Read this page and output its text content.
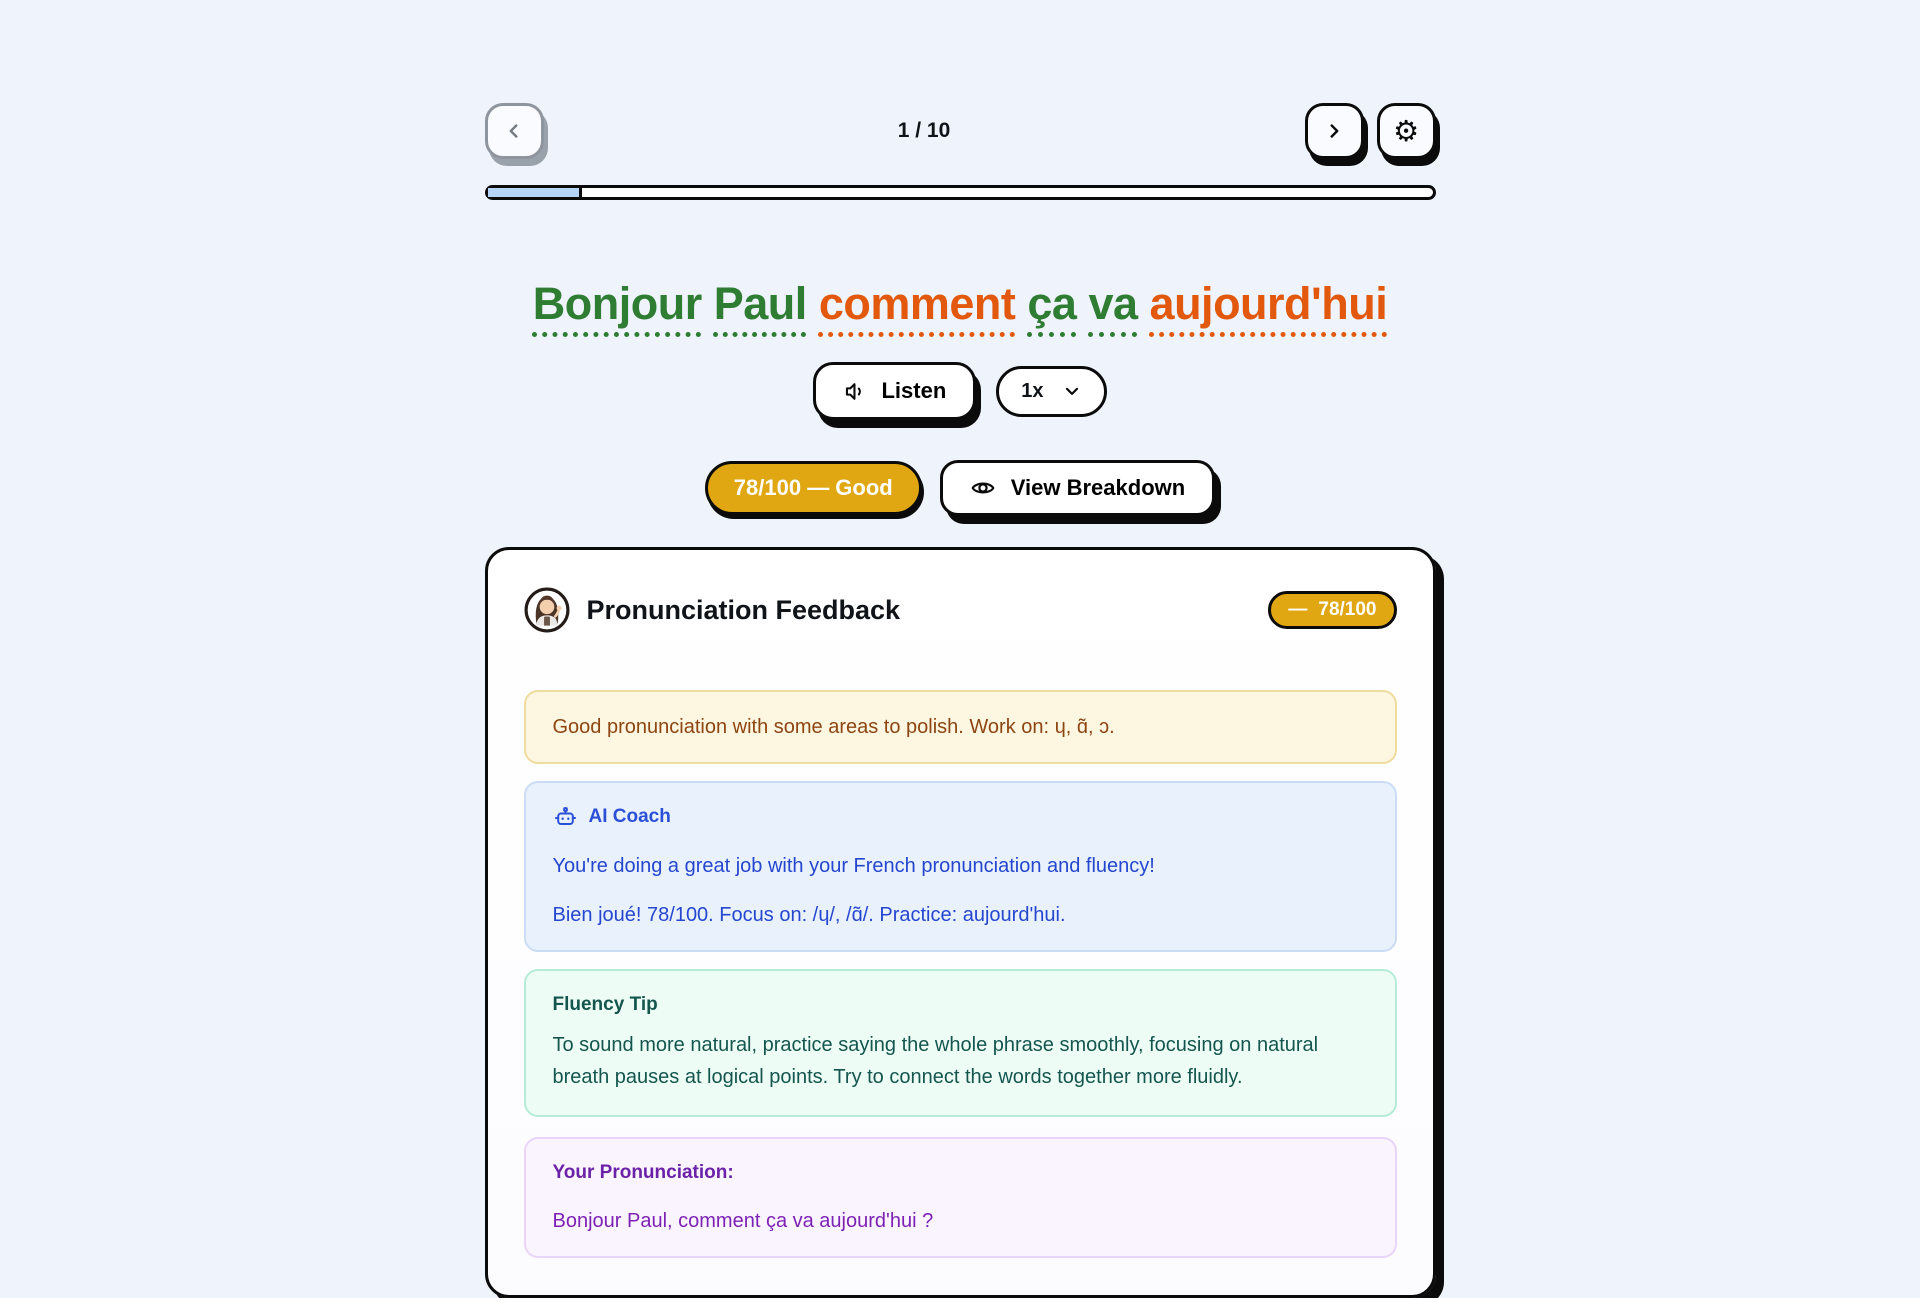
1 / 10	⚙
Bonjour Paul comment ça va aujourd'hui
Listen	1x
78/100 — Good	View Breakdown
Pronunciation Feedback	— 78/100
Good pronunciation with some areas to polish. Work on: ɥ, ɑ̃, ɔ.
AI Coach

You're doing a great job with your French pronunciation and fluency!

Bien joué! 78/100. Focus on: /ɥ/, /ɑ̃/. Practice: aujourd'hui.

Fluency Tip

To sound more natural, practice saying the whole phrase smoothly, focusing on natural breath pauses at logical points. Try to connect the words together more fluidly.

Your Pronunciation:

Bonjour Paul, comment ça va aujourd'hui ?
